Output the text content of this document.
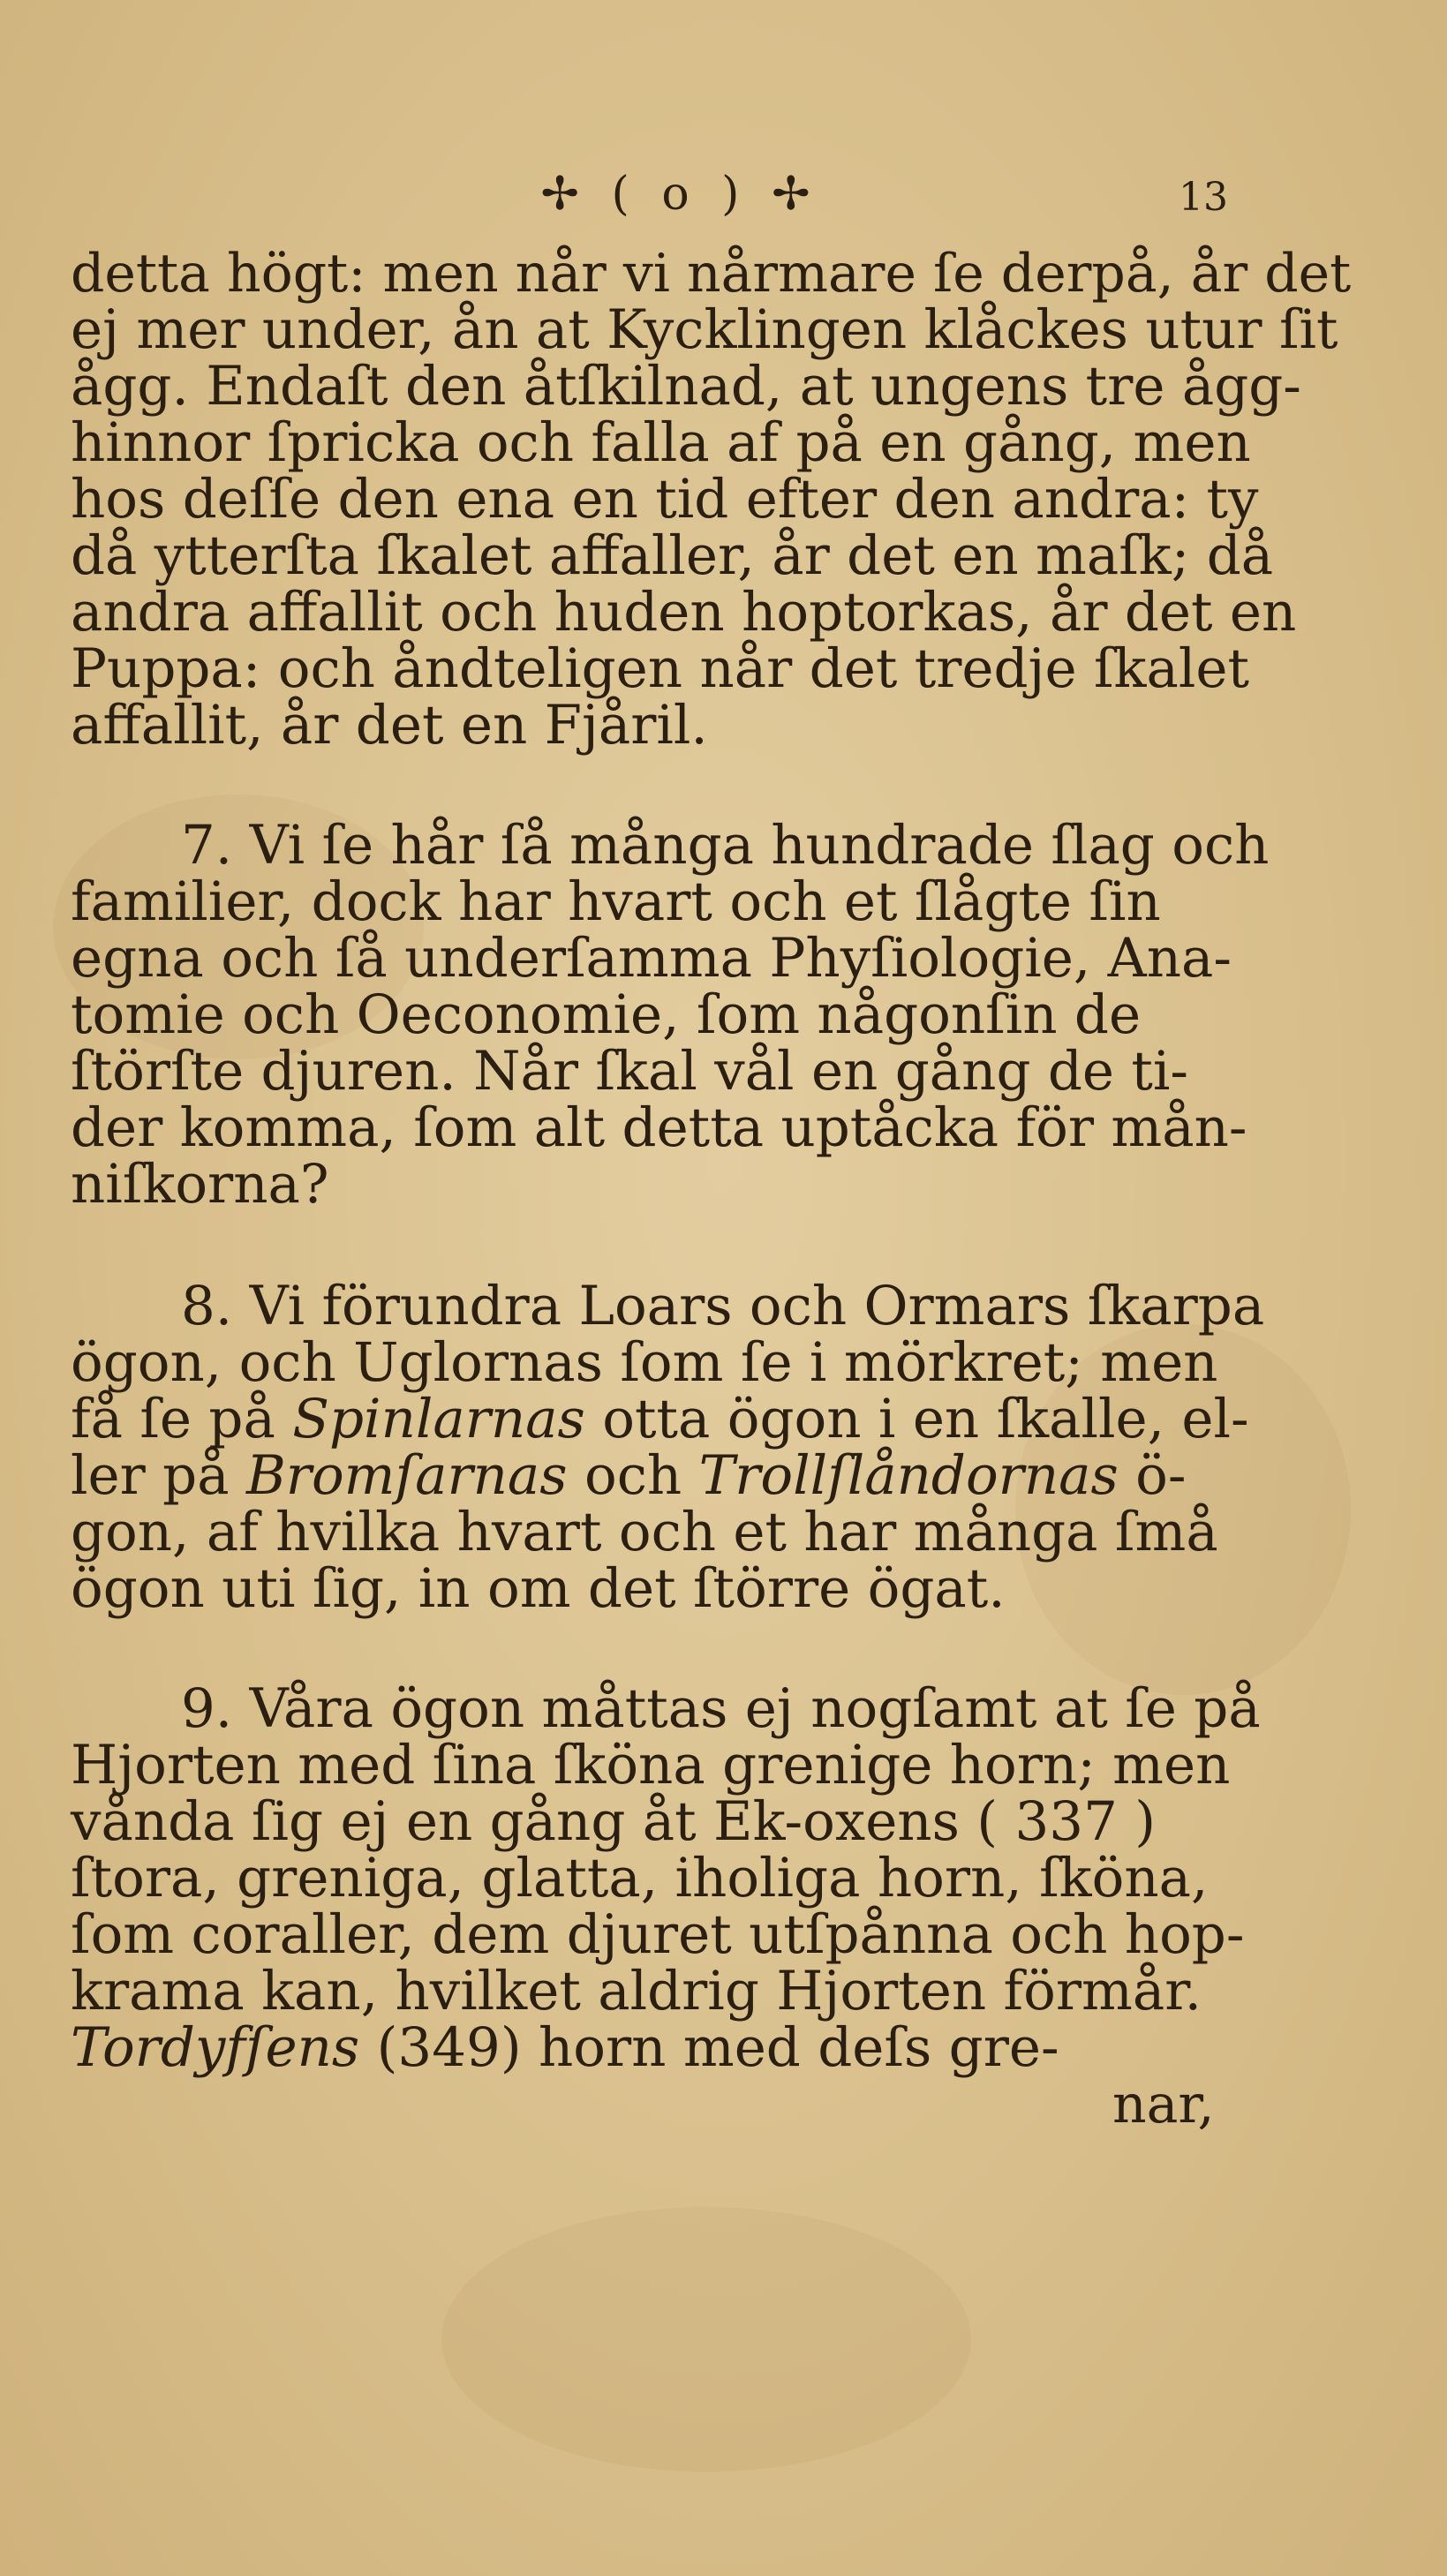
✢ ( o ) ✢	13
detta högt: men når vi nårmare ſe derpå, år det
ej mer under, ån at Kycklingen klåckes utur ſit
ågg. Endaſt den åtſkilnad, at ungens tre ågg-
hinnor ſpricka och falla af på en gång, men
hos deſſe den ena en tid efter den andra: ty
då ytterſta ſkalet affaller, år det en maſk; då
andra affallit och huden hoptorkas, år det en
Puppa: och åndteligen når det tredje ſkalet
affallit, år det en Fjåril.
7. Vi ſe hår ſå många hundrade ſlag och
familier, dock har hvart och et ſlågte ſin
egna och ſå underſamma Phyſiologie, Ana-
tomie och Oeconomie, ſom någonſin de
ſtörſte djuren. Når ſkal vål en gång de ti-
der komma, ſom alt detta uptåcka för mån-
niſkorna?
8. Vi förundra Loars och Ormars ſkarpa
ögon, och Uglornas ſom ſe i mörkret; men
få ſe på Spinlarnas otta ögon i en ſkalle, el-
ler på Bromſarnas och Trollſlåndornas ö-
gon, af hvilka hvart och et har många ſmå
ögon uti ſig, in om det ſtörre ögat.
9. Våra ögon måttas ej nogſamt at ſe på
Hjorten med ſina ſköna grenige horn; men
vånda ſig ej en gång åt Ek-oxens ( 337 )
ſtora, greniga, glatta, iholiga horn, ſköna,
ſom coraller, dem djuret utſpånna och hop-
krama kan, hvilket aldrig Hjorten förmår.
Tordyfſens (349) horn med deſs gre-
nar,
